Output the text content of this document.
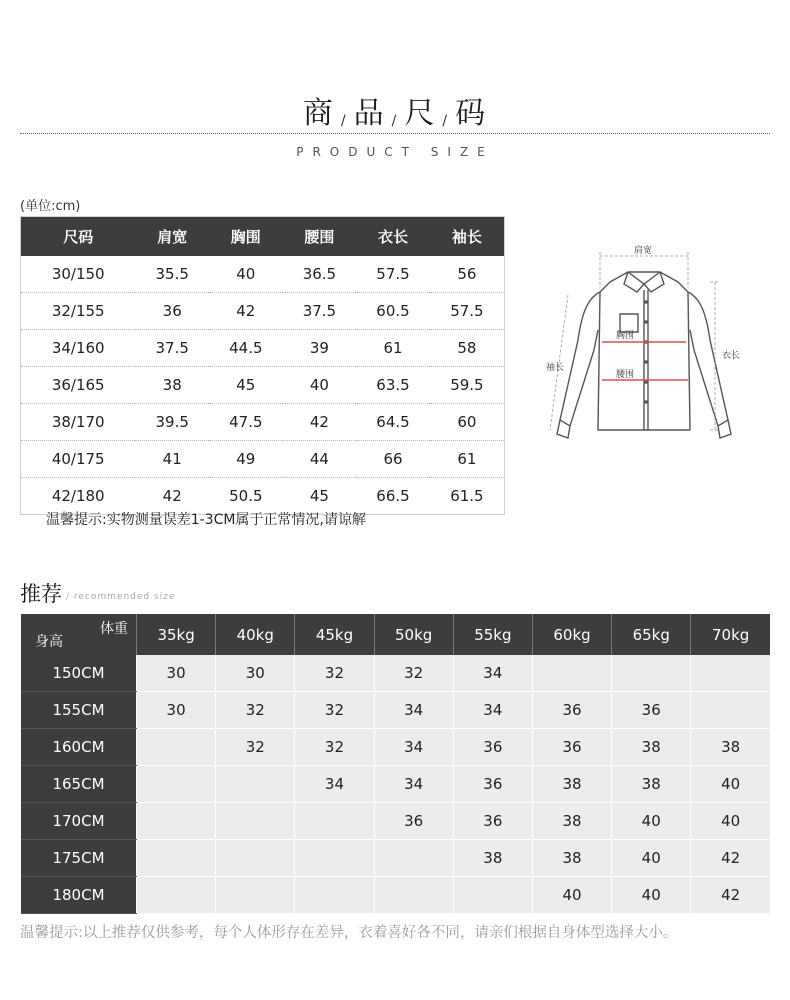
商 / 品 / 尺 / 码
PRODUCT SIZE
(单位:cm)
尺码	肩宽	胸围	腰围	衣长	袖长
30/150	35.5	40	36.5	57.5	56
32/155	36	42	37.5	60.5	57.5
34/160	37.5	44.5	39	61	58
36/165	38	45	40	63.5	59.5
38/170	39.5	47.5	42	64.5	60
40/175	41	49	44	66	61
42/180	42	50.5	45	66.5	61.5
温馨提示:实物测量误差1-3CM属于正常情况,请谅解
肩宽
胸围
腰围
袖长
衣长
推荐 / recommended size
体重
身高	35kg	40kg	45kg	50kg	55kg	60kg	65kg	70kg
150CM	30	30	32	32	34			
155CM	30	32	32	34	34	36	36	
160CM		32	32	34	36	36	38	38
165CM			34	34	36	38	38	40
170CM				36	36	38	40	40
175CM					38	38	40	42
180CM						40	40	42
温馨提示:以上推荐仅供参考，每个人体形存在差异，衣着喜好各不同，请亲们根据自身体型选择大小。
